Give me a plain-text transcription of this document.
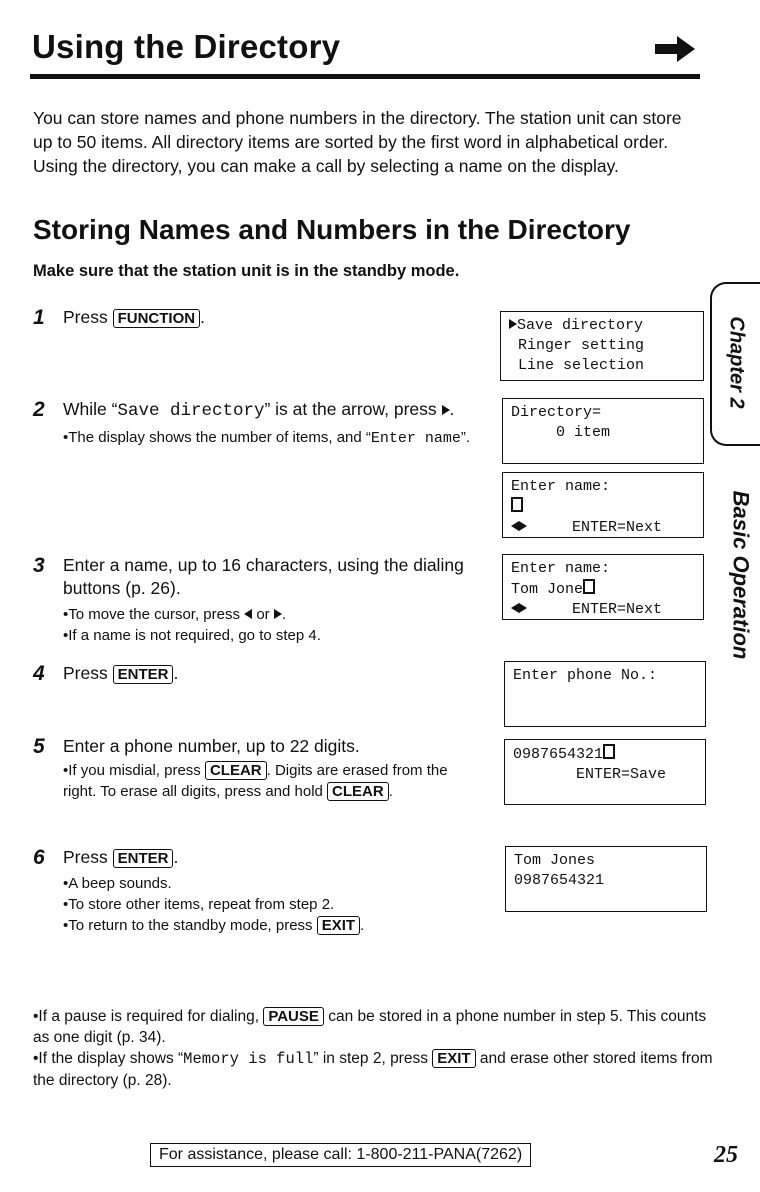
Using the Directory
You can store names and phone numbers in the directory. The station unit can store up to 50 items. All directory items are sorted by the first word in alphabetical order. Using the directory, you can make a call by selecting a name on the display.
Storing Names and Numbers in the Directory
Make sure that the station unit is in the standby mode.
1 Press FUNCTION .
2 While “Save directory” is at the arrow, press .
•The display shows the number of items, and “Enter name”.
3 Enter a name, up to 16 characters, using the dialing buttons (p. 26).
•To move the cursor, press or .
•If a name is not required, go to step 4.
4 Press ENTER .
5 Enter a phone number, up to 22 digits.
•If you misdial, press CLEAR . Digits are erased from the right. To erase all digits, press and hold CLEAR .
6 Press ENTER .
•A beep sounds.
•To store other items, repeat from step 2.
•To return to the standby mode, press EXIT .
Save directory
Ringer setting
Line selection
Directory=
0 item
Enter name:

ENTER=Next
Enter name:
Tom Jone
ENTER=Next
Enter phone No.:
0987654321
ENTER=Save
Tom Jones
0987654321
Chapter 2
Basic Operation
•If a pause is required for dialing, PAUSE can be stored in a phone number in step 5. This counts as one digit (p. 34).
•If the display shows “Memory is full” in step 2, press EXIT and erase other stored items from the directory (p. 28).
For assistance, please call: 1-800-211-PANA(7262)	25
